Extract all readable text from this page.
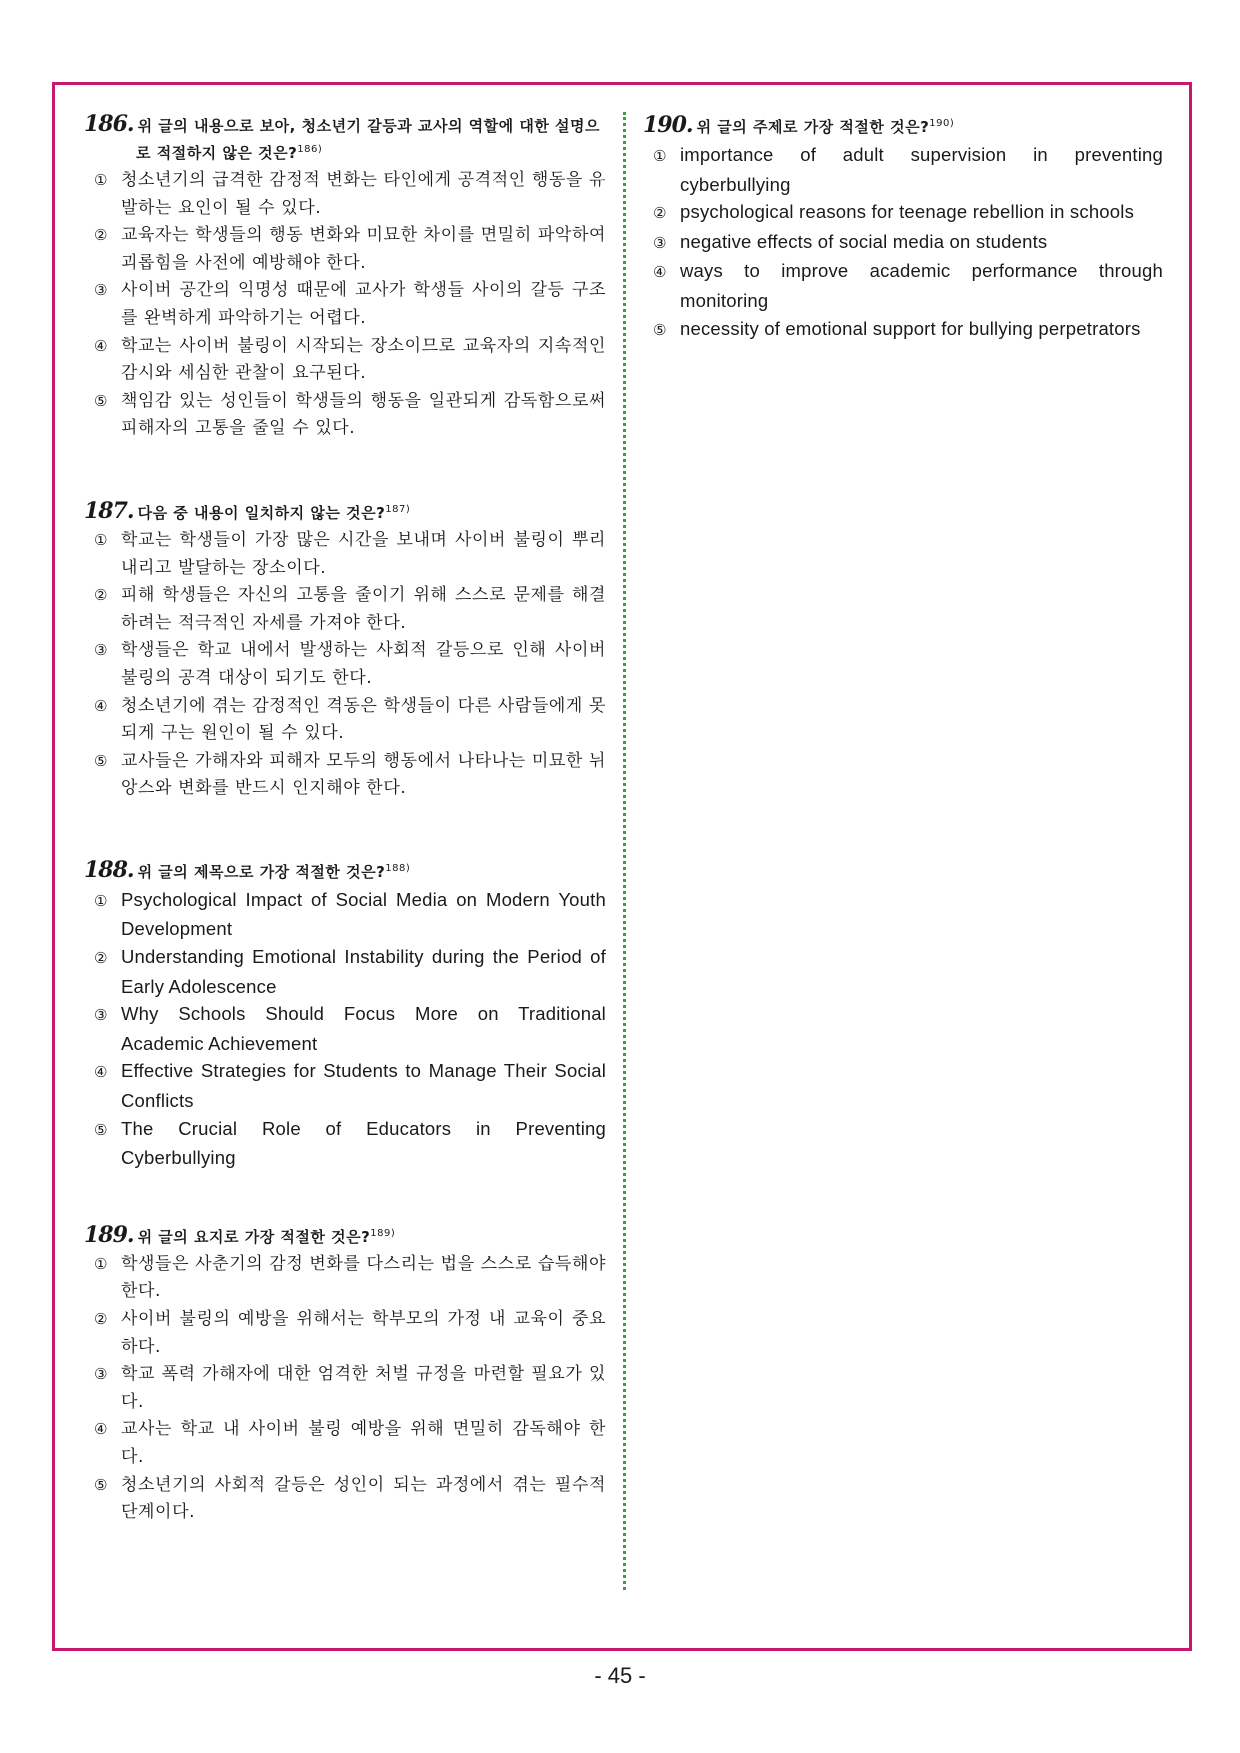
186. 위 글의 내용으로 보아, 청소년기 갈등과 교사의 역할에 대한 설명으로 적절하지 않은 것은?$^{186)}$
① 청소년기의 급격한 감정적 변화는 타인에게 공격적인 행동을 유발하는 요인이 될 수 있다.
② 교육자는 학생들의 행동 변화와 미묘한 차이를 면밀히 파악하여 괴롭힘을 사전에 예방해야 한다.
③ 사이버 공간의 익명성 때문에 교사가 학생들 사이의 갈등 구조를 완벽하게 파악하기는 어렵다.
④ 학교는 사이버 불링이 시작되는 장소이므로 교육자의 지속적인 감시와 세심한 관찰이 요구된다.
⑤ 책임감 있는 성인들이 학생들의 행동을 일관되게 감독함으로써 피해자의 고통을 줄일 수 있다.
187. 다음 중 내용이 일치하지 않는 것은?$^{187)}$
① 학교는 학생들이 가장 많은 시간을 보내며 사이버 불링이 뿌리 내리고 발달하는 장소이다.
② 피해 학생들은 자신의 고통을 줄이기 위해 스스로 문제를 해결하려는 적극적인 자세를 가져야 한다.
③ 학생들은 학교 내에서 발생하는 사회적 갈등으로 인해 사이버 불링의 공격 대상이 되기도 한다.
④ 청소년기에 겪는 감정적인 격동은 학생들이 다른 사람들에게 못되게 구는 원인이 될 수 있다.
⑤ 교사들은 가해자와 피해자 모두의 행동에서 나타나는 미묘한 뉘앙스와 변화를 반드시 인지해야 한다.
188. 위 글의 제목으로 가장 적절한 것은?$^{188)}$
① Psychological Impact of Social Media on Modern Youth Development
② Understanding Emotional Instability during the Period of Early Adolescence
③ Why Schools Should Focus More on Traditional Academic Achievement
④ Effective Strategies for Students to Manage Their Social Conflicts
⑤ The Crucial Role of Educators in Preventing Cyberbullying
189. 위 글의 요지로 가장 적절한 것은?$^{189)}$
① 학생들은 사춘기의 감정 변화를 다스리는 법을 스스로 습득해야 한다.
② 사이버 불링의 예방을 위해서는 학부모의 가정 내 교육이 중요하다.
③ 학교 폭력 가해자에 대한 엄격한 처벌 규정을 마련할 필요가 있다.
④ 교사는 학교 내 사이버 불링 예방을 위해 면밀히 감독해야 한다.
⑤ 청소년기의 사회적 갈등은 성인이 되는 과정에서 겪는 필수적 단계이다.
190. 위 글의 주제로 가장 적절한 것은?$^{190)}$
① importance of adult supervision in preventing cyberbullying
② psychological reasons for teenage rebellion in schools
③ negative effects of social media on students
④ ways to improve academic performance through monitoring
⑤ necessity of emotional support for bullying perpetrators
- 45 -
